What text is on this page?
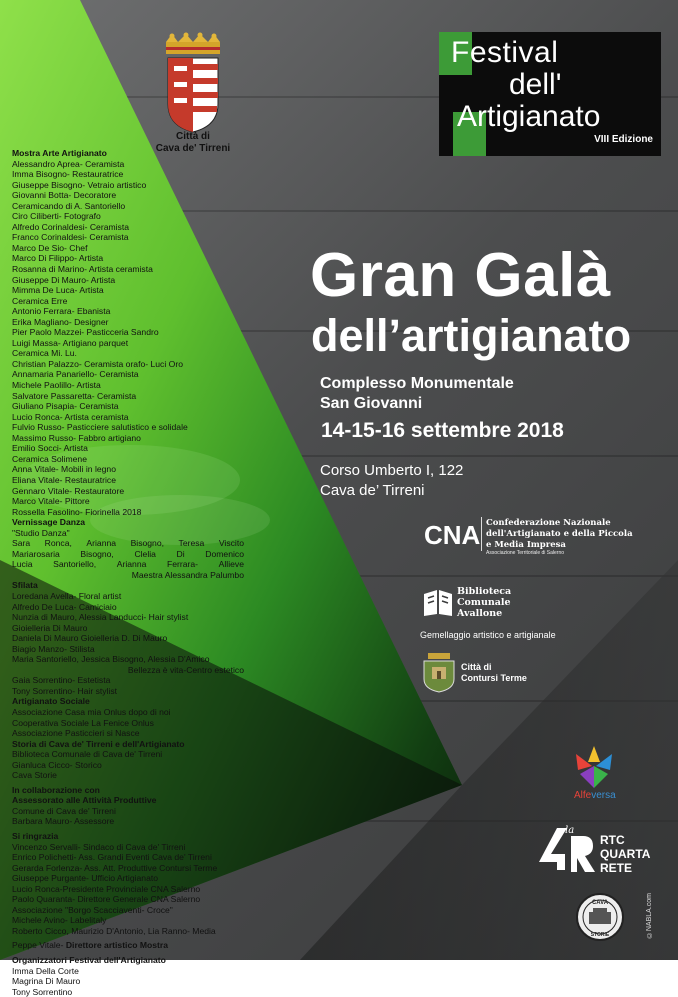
Città di
Cava de' Tirreni
Festival
dell'
Artigianato
VIII Edizione
Gran Galà
dell’artigianato
Complesso Monumentale
San Giovanni
14-15-16 settembre 2018
Corso Umberto I, 122
Cava de’ Tirreni
Mostra Arte Artigianato
Alessandro Aprea- Ceramista
Imma Bisogno- Restauratrice
Giuseppe Bisogno- Vetraio artistico
Giovanni Botta- Decoratore
Ceramicando di A. Santoriello
Ciro Ciliberti- Fotografo
Alfredo Corinaldesi- Ceramista
Franco Corinaldesi- Ceramista
Marco De Sio- Chef
Marco Di Filippo- Artista
Rosanna di Marino- Artista ceramista
Giuseppe Di Mauro- Artista
Mimma De Luca- Artista
Ceramica Erre
Antonio Ferrara- Ebanista
Erika Magliano- Designer
Pier Paolo Mazzei- Pasticceria Sandro
Luigi Massa- Artigiano parquet
Ceramica Mi. Lu.
Christian Palazzo- Ceramista orafo- Luci Oro
Annamaria Panariello- Ceramista
Michele Paolillo- Artista
Salvatore Passaretta- Ceramista
Giuliano Pisapia- Ceramista
Lucio Ronca- Artista ceramista
Fulvio Russo- Pasticciere salutistico e solidale
Massimo Russo- Fabbro artigiano
Emilio Socci- Artista
Ceramica Solimene
Anna Vitale- Mobili in legno
Eliana Vitale- Restauratrice
Gennaro Vitale- Restauratore
Marco Vitale- Pittore
Rossella Fasolino- Fiorinella 2018
Vernissage Danza
"Studio Danza"
Sara Ronca, Arianna Bisogno, Teresa Viscito
Mariarosaria Bisogno, Clelia Di Domenico
Lucia Santoriello, Arianna Ferrara- Allieve
Maestra Alessandra Palumbo
Sfilata
Loredana Avella- Floral artist
Alfredo De Luca- Camiciaio
Nunzia di Mauro, Alessia Landucci- Hair stylist
Gioielleria Di Mauro
Daniela Di Mauro Gioielleria D. Di Mauro
Biagio Manzo- Stilista
Maria Santoriello, Jessica Bisogno, Alessia D'Amico
Bellezza è vita-Centro estetico
Gaia Sorrentino- Estetista
Tony Sorrentino- Hair stylist
Artigianato Sociale
Associazione Casa mia Onlus dopo di noi
Cooperativa Sociale La Fenice Onlus
Associazione Pasticcieri si Nasce
Storia di Cava de' Tirreni e dell'Artigianato
Biblioteca Comunale di Cava de' Tirreni
Gianluca Cicco- Storico
Cava Storie
In collaborazione con
Assessorato alle Attività Produttive
Comune di Cava de' Tirreni
Barbara Mauro- Assessore
Si ringrazia
Vincenzo Servalli- Sindaco di Cava de' Tirreni
Enrico Polichetti- Ass. Grandi Eventi Cava de' Tirreni
Gerarda Forlenza- Ass. Att. Produttive Contursi Terme
Giuseppe Purgante- Ufficio Artigianato
Lucio Ronca-Presidente Provinciale CNA Salerno
Paolo Quaranta- Direttore Generale CNA Salerno
Associazione "Borgo Scacciaventi- Croce"
Michele Avino- Labelitaly
Roberto Cicco, Maurizio D'Antonio, Lia Ranno- Media
Peppe Vitale- Direttore artistico Mostra
Organizzatori Festival dell'Artigianato
Imma Della Corte
Magrina Di Mauro
Tony Sorrentino
CNA Confederazione Nazionale
dell'Artigianato e della Piccola
e Media Impresa
Associazione Territoriale di Salerno
Biblioteca
Comunale
Avallone
Gemellaggio artistico e artigianale
Città di
Contursi Terme
Alfeversa
la
RTC
QUARTA
RETE
CAVA
STORIE	©NABLA.com
